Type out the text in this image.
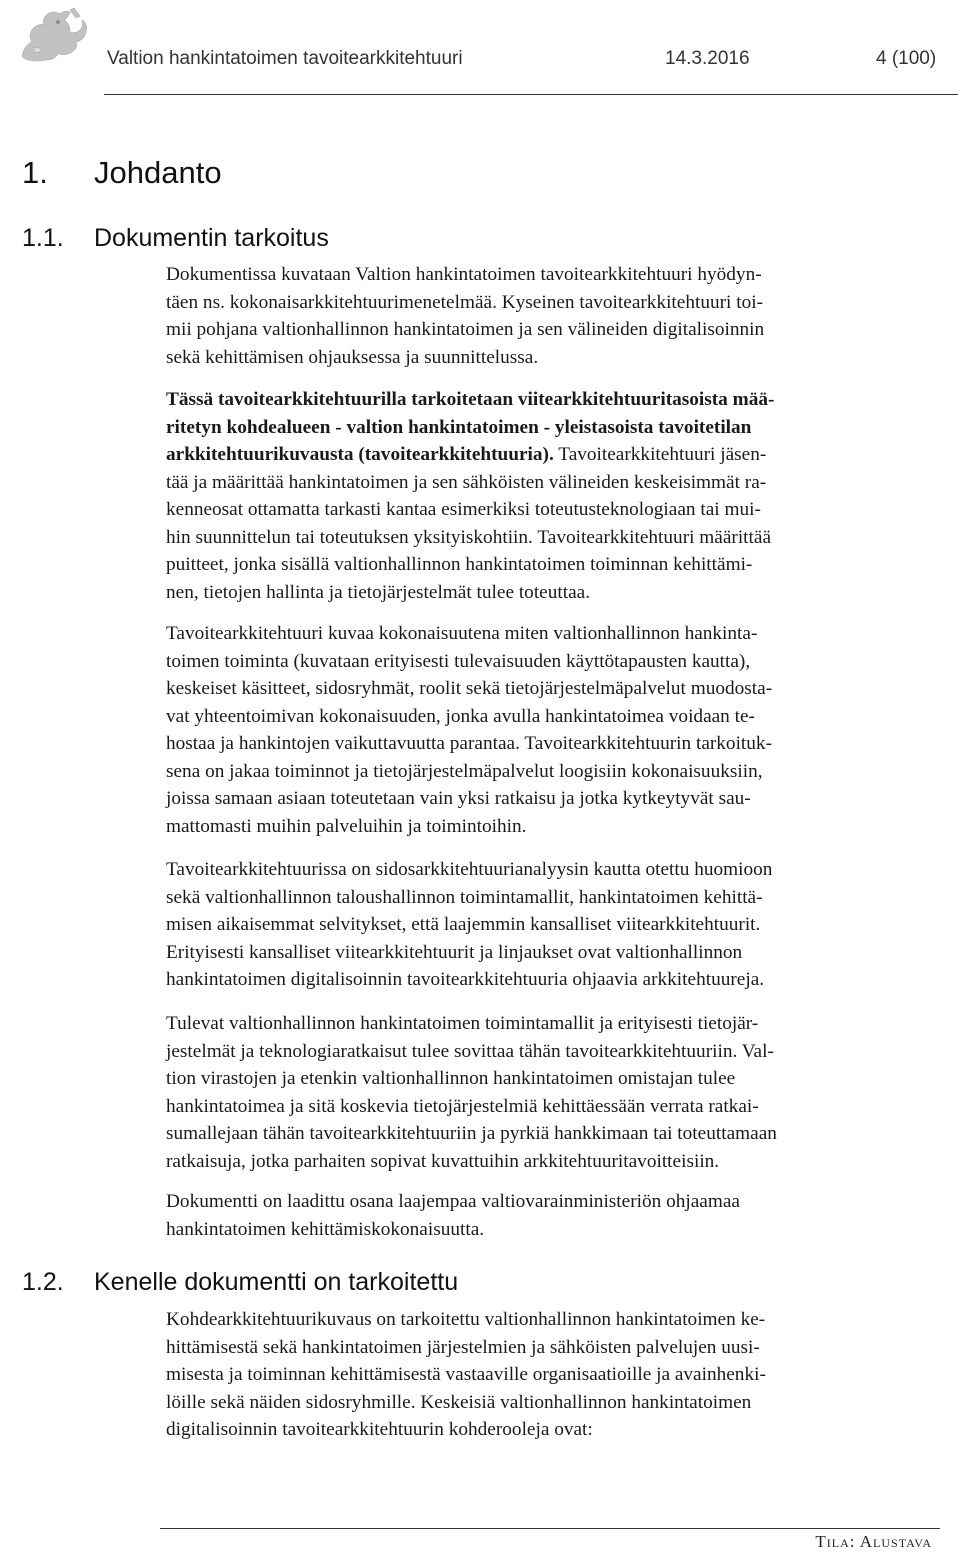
Valtion hankintatoimen tavoitearkkitehtuuri	14.3.2016	4 (100)
1. Johdanto
1.1. Dokumentin tarkoitus
Dokumentissa kuvataan Valtion hankintatoimen tavoitearkkitehtuuri hyödyn-
täen ns. kokonaisarkkitehtuurimenetelmää. Kyseinen tavoitearkkitehtuuri toi-
mii pohjana valtionhallinnon hankintatoimen ja sen välineiden digitalisoinnin
sekä kehittämisen ohjauksessa ja suunnittelussa.
Tässä tavoitearkkitehtuurilla tarkoitetaan viitearkkitehtuuritasoista mää-
ritetyn kohdealueen - valtion hankintatoimen - yleistasoista tavoitetilan
arkkitehtuurikuvausta (tavoitearkkitehtuuria). Tavoitearkkitehtuuri jäsen-
tää ja määrittää hankintatoimen ja sen sähköisten välineiden keskeisimmät ra-
kenneosat ottamatta tarkasti kantaa esimerkiksi toteutusteknologiaan tai mui-
hin suunnittelun tai toteutuksen yksityiskohtiin. Tavoitearkkitehtuuri määrittää
puitteet, jonka sisällä valtionhallinnon hankintatoimen toiminnan kehittämi-
nen, tietojen hallinta ja tietojärjestelmät tulee toteuttaa.
Tavoitearkkitehtuuri kuvaa kokonaisuutena miten valtionhallinnon hankinta-
toimen toiminta (kuvataan erityisesti tulevaisuuden käyttötapausten kautta),
keskeiset käsitteet, sidosryhmät, roolit sekä tietojärjestelmäpalvelut muodosta-
vat yhteentoimivan kokonaisuuden, jonka avulla hankintatoimea voidaan te-
hostaa ja hankintojen vaikuttavuutta parantaa. Tavoitearkkitehtuurin tarkoituk-
sena on jakaa toiminnot ja tietojärjestelmäpalvelut loogisiin kokonaisuuksiin,
joissa samaan asiaan toteutetaan vain yksi ratkaisu ja jotka kytkeytyvät sau-
mattomasti muihin palveluihin ja toimintoihin.
Tavoitearkkitehtuurissa on sidosarkkitehtuurianalyysin kautta otettu huomioon
sekä valtionhallinnon taloushallinnon toimintamallit, hankintatoimen kehittä-
misen aikaisemmat selvitykset, että laajemmin kansalliset viitearkkitehtuurit.
Erityisesti kansalliset viitearkkitehtuurit ja linjaukset ovat valtionhallinnon
hankintatoimen digitalisoinnin tavoitearkkitehtuuria ohjaavia arkkitehtuureja.
Tulevat valtionhallinnon hankintatoimen toimintamallit ja erityisesti tietojär-
jestelmät ja teknologiaratkaisut tulee sovittaa tähän tavoitearkkitehtuuriin. Val-
tion virastojen ja etenkin valtionhallinnon hankintatoimen omistajan tulee
hankintatoimea ja sitä koskevia tietojärjestelmiä kehittäessään verrata ratkai-
sumallejaan tähän tavoitearkkitehtuuriin ja pyrkiä hankkimaan tai toteuttamaan
ratkaisuja, jotka parhaiten sopivat kuvattuihin arkkitehtuuritavoitteisiin.
Dokumentti on laadittu osana laajempaa valtiovarainministeriön ohjaamaa
hankintatoimen kehittämiskokonaisuutta.
1.2. Kenelle dokumentti on tarkoitettu
Kohdearkkitehtuurikuvaus on tarkoitettu valtionhallinnon hankintatoimen ke-
hittämisestä sekä hankintatoimen järjestelmien ja sähköisten palvelujen uusi-
misesta ja toiminnan kehittämisestä vastaaville organisaatioille ja avainhenki-
löille sekä näiden sidosryhmille. Keskeisiä valtionhallinnon hankintatoimen
digitalisoinnin tavoitearkkitehtuurin kohderooleja ovat:
Tila: Alustava
